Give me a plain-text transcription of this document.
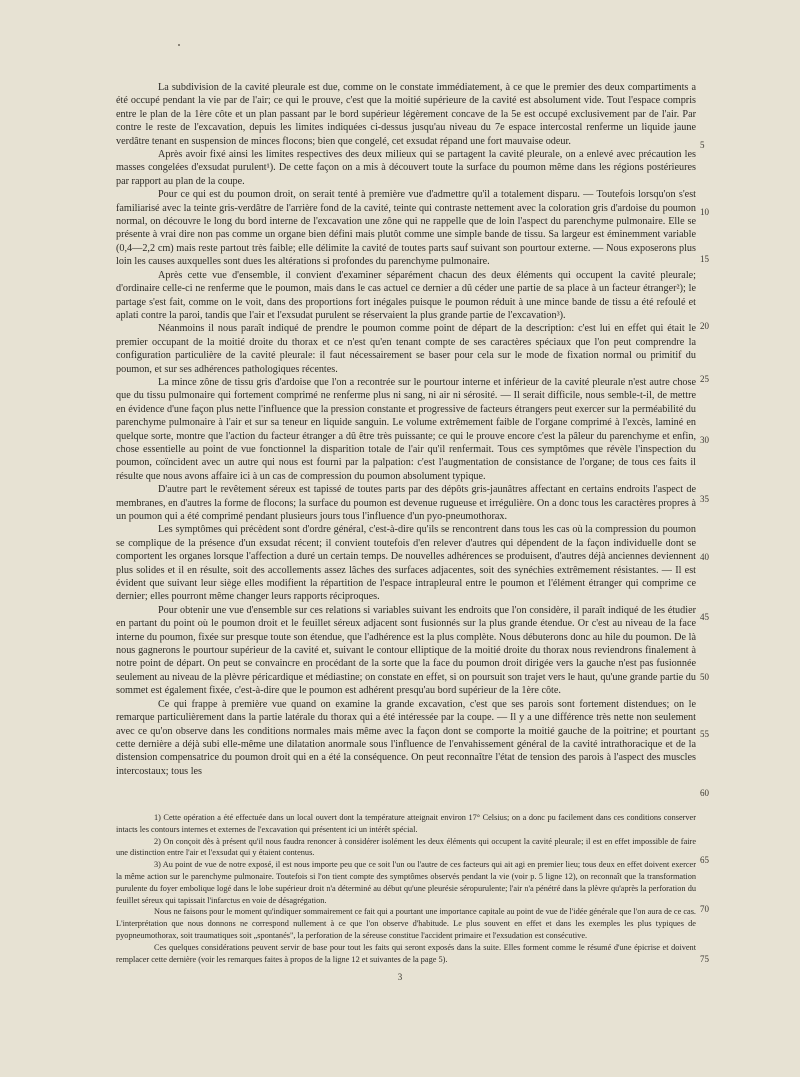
La subdivision de la cavité pleurale est due, comme on le constate immédiatement, à ce que le premier des deux compartiments a été occupé pendant la vie par de l'air; ce qui le prouve, c'est que la moitié supérieure de la cavité est absolument vide. Tout l'espace compris entre le plan de la 1ère côte et un plan passant par le bord supérieur légèrement concave de la 5e est occupé exclusivement par de l'air. Par contre le reste de l'excavation, depuis les limites indiquées ci-dessus jusqu'au niveau du 7e espace intercostal renferme un liquide jaune verdâtre tenant en suspension de minces flocons; bien que congelé, cet exsudat répand une fort mauvaise odeur.

Après avoir fixé ainsi les limites respectives des deux milieux qui se partagent la cavité pleurale, on a enlevé avec précaution les masses congelées d'exsudat purulent¹). De cette façon on a mis à découvert toute la surface du poumon même dans les régions postérieures par rapport au plan de la coupe.

Pour ce qui est du poumon droit, on serait tenté à première vue d'admettre qu'il a totalement disparu. — Toutefois lorsqu'on s'est familiarisé avec la teinte gris-verdâtre de l'arrière fond de la cavité, teinte qui contraste nettement avec la coloration gris d'ardoise du poumon normal, on découvre le long du bord interne de l'excavation une zône qui ne rappelle que de loin l'aspect du parenchyme pulmonaire. Elle se présente à vrai dire non pas comme un organe bien défini mais plutôt comme une simple bande de tissu. Sa largeur est éminemment variable (0,4—2,2 cm) mais reste partout très faible; elle délimite la cavité de toutes parts sauf suivant son pourtour externe. — Nous exposerons plus loin les causes auxquelles sont dues les altérations si profondes du parenchyme pulmonaire.

Après cette vue d'ensemble, il convient d'examiner séparément chacun des deux éléments qui occupent la cavité pleurale; d'ordinaire celle-ci ne renferme que le poumon, mais dans le cas actuel ce dernier a dû céder une partie de sa place à un facteur étranger²); le partage s'est fait, comme on le voit, dans des proportions fort inégales puisque le poumon réduit à une mince bande de tissu a été refoulé et aplati contre la paroi, tandis que l'air et l'exsudat purulent se réservaient la plus grande partie de l'excavation³).

Néanmoins il nous paraît indiqué de prendre le poumon comme point de départ de la description: c'est lui en effet qui était le premier occupant de la moitié droite du thorax et ce n'est qu'en tenant compte de ses caractères spéciaux que l'on peut comprendre la configuration particulière de la cavité pleurale: il faut nécessairement se baser pour cela sur le mode de fixation normal ou primitif du poumon, et sur ses adhérences pathologiques récentes.

La mince zône de tissu gris d'ardoise que l'on a recontrée sur le pourtour interne et inférieur de la cavité pleurale n'est autre chose que du tissu pulmonaire qui fortement comprimé ne renferme plus ni sang, ni air ni sérosité. — Il serait difficile, nous semble-t-il, de mettre en évidence d'une façon plus nette l'influence que la pression constante et progressive de facteurs étrangers peut exercer sur la perméabilité du parenchyme pulmonaire à l'air et sur sa teneur en liquide sanguin. Le volume extrêmement faible de l'organe comprimé à l'excès, laminé en quelque sorte, montre que l'action du facteur étranger a dû être très puissante; ce qui le prouve encore c'est la pâleur du parenchyme et enfin, chose essentielle au point de vue fonctionnel la disparition totale de l'air qu'il renfermait. Tous ces symptômes que révèle l'inspection du poumon, coïncident avec un autre qui nous est fourni par la palpation: c'est l'augmentation de consistance de l'organe; de tous ces faits il résulte que nous avons affaire ici à un cas de compression du poumon absolument typique.

D'autre part le revêtement séreux est tapissé de toutes parts par des dépôts gris-jaunâtres affectant en certains endroits l'aspect de membranes, en d'autres la forme de flocons; la surface du poumon est devenue rugueuse et irrégulière. On a donc tous les caractères propres à un poumon qui a été comprimé pendant plusieurs jours tous l'influence d'un pyo-pneumothorax.

Les symptômes qui précèdent sont d'ordre général, c'est-à-dire qu'ils se rencontrent dans tous les cas où la compression du poumon se complique de la présence d'un exsudat récent; il convient toutefois d'en relever d'autres qui dépendent de la façon individuelle dont se comportent les organes lorsque l'affection a duré un certain temps. De nouvelles adhérences se produisent, d'autres déjà anciennes deviennent plus solides et il en résulte, soit des accollements assez lâches des surfaces adjacentes, soit des synéchies extrêmement résistantes. — Il est évident que suivant leur siège elles modifient la répartition de l'espace intrapleural entre le poumon et l'élément étranger qui comprime ce dernier; elles pourront même changer leurs rapports réciproques.

Pour obtenir une vue d'ensemble sur ces relations si variables suivant les endroits que l'on considère, il paraît indiqué de les étudier en partant du point où le poumon droit et le feuillet séreux adjacent sont fusionnés sur la plus grande étendue. Or c'est au niveau de la face interne du poumon, fixée sur presque toute son étendue, que l'adhérence est la plus complète. Nous débuterons donc au hile du poumon. De là nous gagnerons le pourtour supérieur de la cavité et, suivant le contour elliptique de la moitié droite du thorax nous reviendrons finalement à notre point de départ. On peut se convaincre en procédant de la sorte que la face du poumon droit dirigée vers la gauche n'est pas fusionnée seulement au niveau de la plèvre péricardique et médiastine; on constate en effet, si on poursuit son trajet vers le haut, qu'une grande partie du sommet est également fixée, c'est-à-dire que le poumon est adhérent presqu'au bord supérieur de la 1ère côte.

Ce qui frappe à première vue quand on examine la grande excavation, c'est que ses parois sont fortement distendues; on le remarque particulièrement dans la partie latérale du thorax qui a été intéressée par la coupe. — Il y a une différence très nette non seulement avec ce qu'on observe dans les conditions normales mais même avec la façon dont se comporte la moitié gauche de la poitrine; et pourtant cette dernière a déjà subi elle-même une dilatation anormale sous l'influence de l'envahissement général de la cavité intrathoracique et de la distension compensatrice du poumon droit qui en a été la conséquence. On peut reconnaître l'état de tension des parois à l'aspect des muscles intercostaux; tous les

5
10
15
20
25
30
35
40
45
50
55
60
65
70
75

1) Cette opération a été effectuée dans un local ouvert dont la température atteignait environ 17° Celsius; on a donc pu facilement dans ces conditions conserver intacts les contours internes et externes de l'excavation qui présentent ici un intérêt spécial.

2) On conçoit dès à présent qu'il nous faudra renoncer à considérer isolément les deux éléments qui occupent la cavité pleurale; il est en effet impossible de faire une distinction entre l'air et l'exsudat qui y étaient contenus.

3) Au point de vue de notre exposé, il est nous importe peu que ce soit l'un ou l'autre de ces facteurs qui ait agi en premier lieu; tous deux en effet doivent exercer la même action sur le parenchyme pulmonaire. Toutefois si l'on tient compte des symptômes observés pendant la vie (voir p. 5 ligne 12), on reconnaît que la transformation purulente du foyer embolique logé dans le lobe supérieur droit n'a déterminé au début qu'une pleurésie séropurulente; l'air n'a pénétré dans la plèvre qu'après la perforation du feuillet séreux qui tapissait l'infarctus en voie de désagrégation.

Nous ne faisons pour le moment qu'indiquer sommairement ce fait qui a pourtant une importance capitale au point de vue de l'idée générale que l'on aura de ce cas. L'interprétation que nous donnons ne correspond nullement à ce que l'on observe d'habitude. Le plus souvent en effet et dans les exemples les plus typiques de pyopneumothorax, soit traumatiques soit „spontanés", la perforation de la séreuse constitue l'accident primaire et l'exsudation est consécutive.

Ces quelques considérations peuvent servir de base pour tout les faits qui seront exposés dans la suite. Elles forment comme le résumé d'une épicrise et doivent remplacer cette dernière (voir les remarques faites à propos de la ligne 12 et suivantes de la page 5).

3
